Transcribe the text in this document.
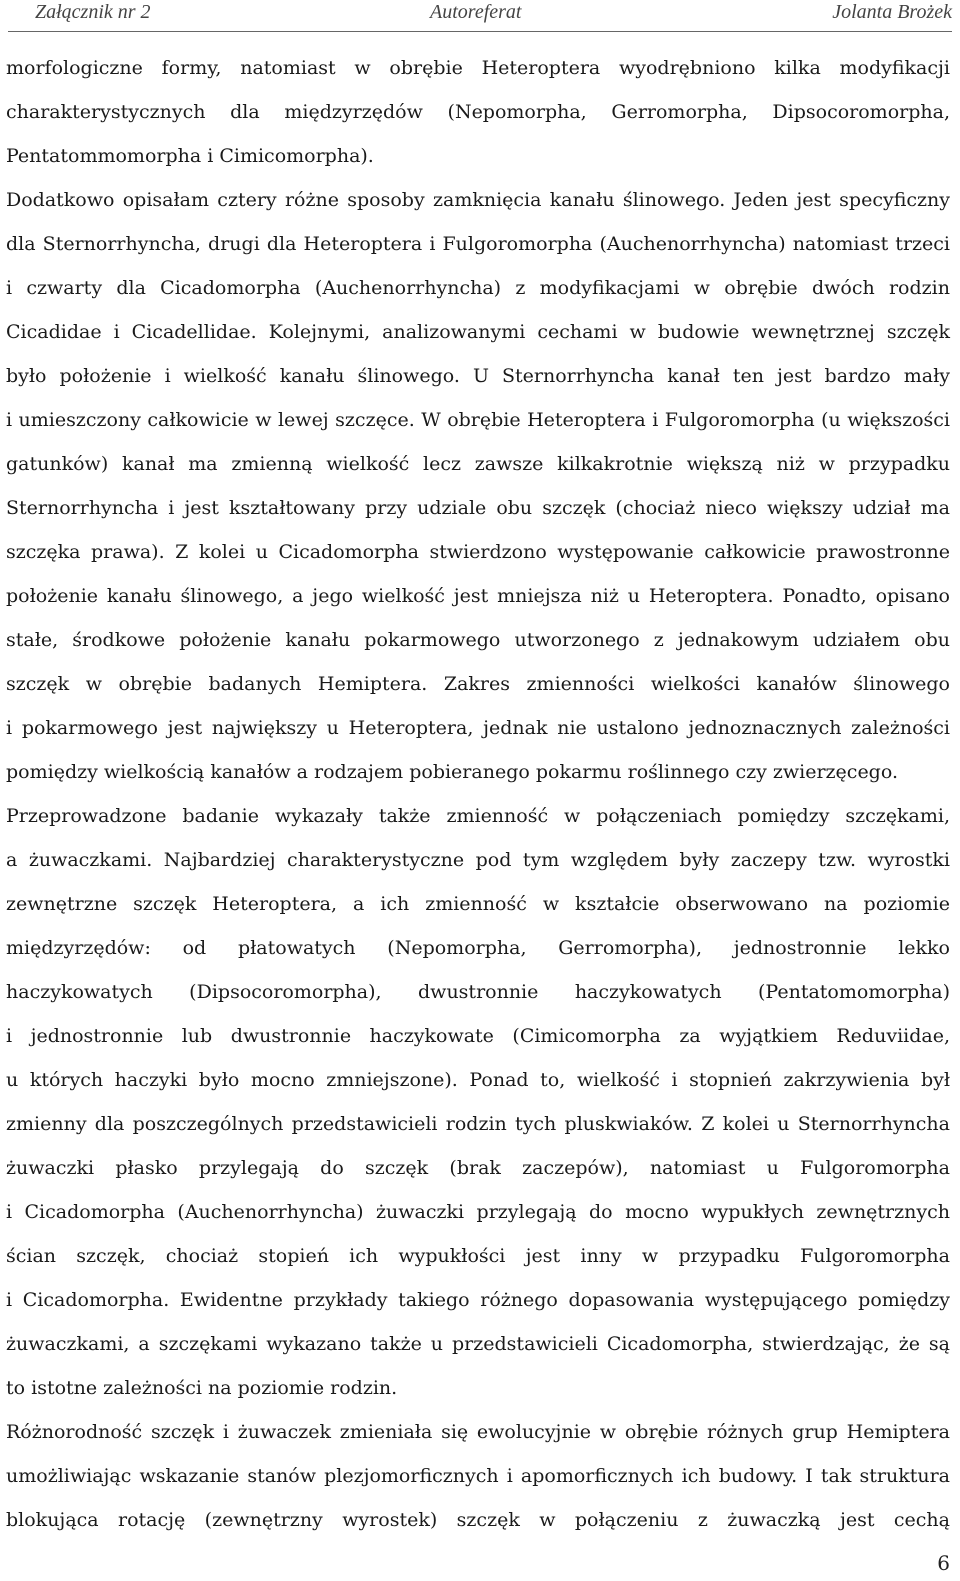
Załącznik nr 2	Autoreferat	Jolanta Brożek
morfologiczne formy, natomiast w obrębie Heteroptera wyodrębniono kilka modyfikacji
charakterystycznych dla międzyrzędów (Nepomorpha, Gerromorpha, Dipsocoromorpha,
Pentatommomorpha i Cimicomorpha).
Dodatkowo opisałam cztery różne sposoby zamknięcia kanału ślinowego. Jeden jest specyficzny
dla Sternorrhyncha, drugi dla Heteroptera i Fulgoromorpha (Auchenorrhyncha) natomiast trzeci
i czwarty dla Cicadomorpha (Auchenorrhyncha) z modyfikacjami w obrębie dwóch rodzin
Cicadidae i Cicadellidae. Kolejnymi, analizowanymi cechami w budowie wewnętrznej szczęk
było położenie i wielkość kanału ślinowego. U Sternorrhyncha kanał ten jest bardzo mały
i umieszczony całkowicie w lewej szczęce. W obrębie Heteroptera i Fulgoromorpha (u większości
gatunków) kanał ma zmienną wielkość lecz zawsze kilkakrotnie większą niż w przypadku
Sternorrhyncha i jest kształtowany przy udziale obu szczęk (chociaż nieco większy udział ma
szczęka prawa). Z kolei u Cicadomorpha stwierdzono występowanie całkowicie prawostronne
położenie kanału ślinowego, a jego wielkość jest mniejsza niż u Heteroptera. Ponadto, opisano
stałe, środkowe położenie kanału pokarmowego utworzonego z jednakowym udziałem obu
szczęk w obrębie badanych Hemiptera. Zakres zmienności wielkości kanałów ślinowego
i pokarmowego jest największy u Heteroptera, jednak nie ustalono jednoznacznych zależności
pomiędzy wielkością kanałów a rodzajem pobieranego pokarmu roślinnego czy zwierzęcego.
Przeprowadzone badanie wykazały także zmienność w połączeniach pomiędzy szczękami,
a żuwaczkami. Najbardziej charakterystyczne pod tym względem były zaczepy tzw. wyrostki
zewnętrzne szczęk Heteroptera, a ich zmienność w kształcie obserwowano na poziomie
międzyrzędów: od płatowatych (Nepomorpha, Gerromorpha), jednostronnie lekko
haczykowatych (Dipsocoromorpha), dwustronnie haczykowatych (Pentatomomorpha)
i jednostronnie lub dwustronnie haczykowate (Cimicomorpha za wyjątkiem Reduviidae,
u których haczyki było mocno zmniejszone). Ponad to, wielkość i stopnień zakrzywienia był
zmienny dla poszczególnych przedstawicieli rodzin tych pluskwiaków. Z kolei u Sternorrhyncha
żuwaczki płasko przylegają do szczęk (brak zaczepów), natomiast u Fulgoromorpha
i Cicadomorpha (Auchenorrhyncha) żuwaczki przylegają do mocno wypukłych zewnętrznych
ścian szczęk, chociaż stopień ich wypukłości jest inny w przypadku Fulgoromorpha
i Cicadomorpha. Ewidentne przykłady takiego różnego dopasowania występującego pomiędzy
żuwaczkami, a szczękami wykazano także u przedstawicieli Cicadomorpha, stwierdzając, że są
to istotne zależności na poziomie rodzin.
Różnorodność szczęk i żuwaczek zmieniała się ewolucyjnie w obrębie różnych grup Hemiptera
umożliwiając wskazanie stanów plezjomorficznych i apomorficznych ich budowy. I tak struktura
blokująca rotację (zewnętrzny wyrostek) szczęk w połączeniu z żuwaczką jest cechą
6
